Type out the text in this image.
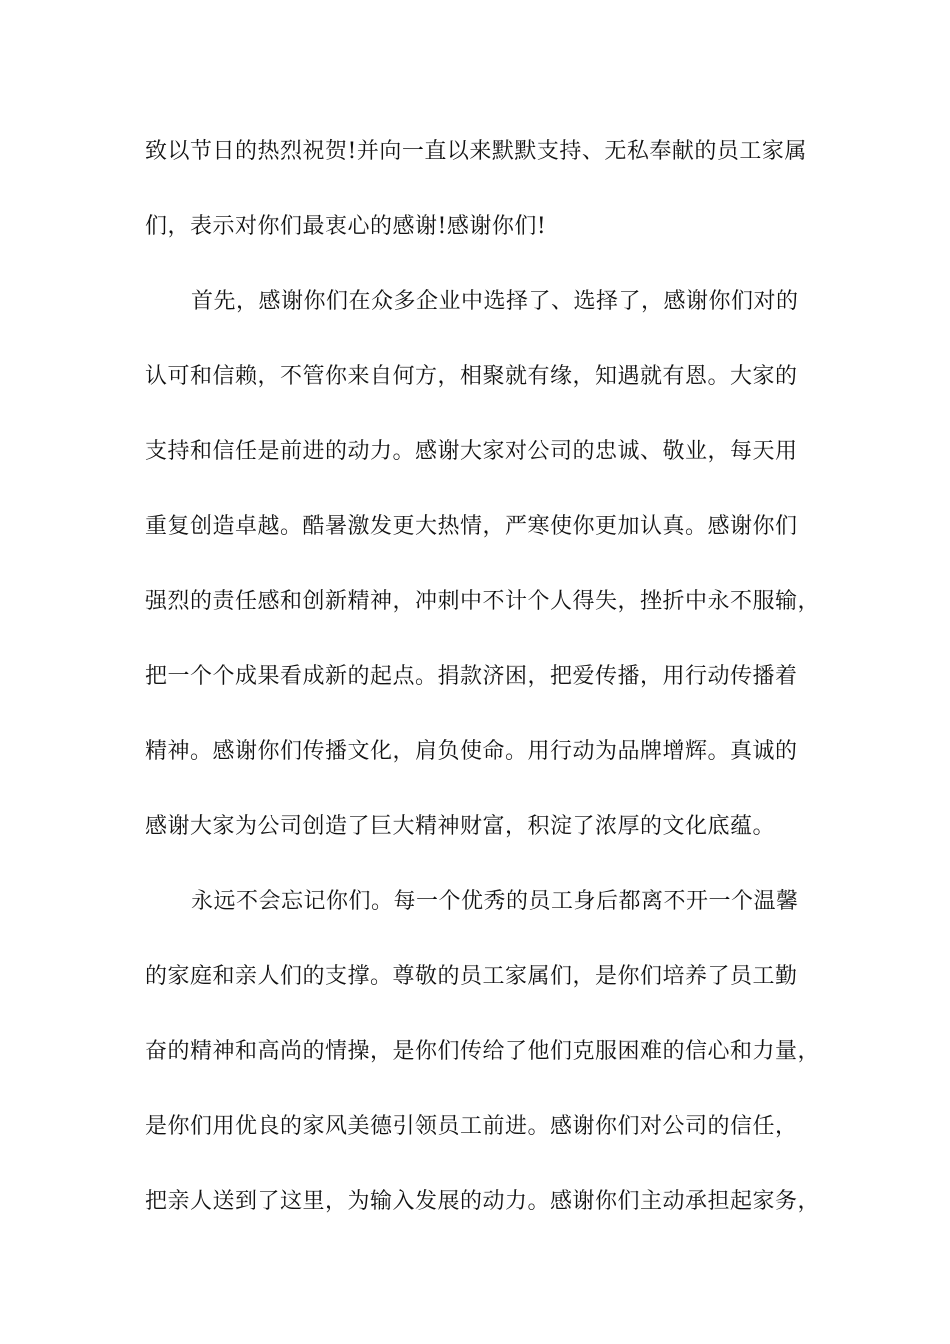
致以节日的热烈祝贺!并向一直以来默默支持、无私奉献的员工家属
们，表示对你们最衷心的感谢!感谢你们!
首先，感谢你们在众多企业中选择了、选择了，感谢你们对的
认可和信赖，不管你来自何方，相聚就有缘，知遇就有恩。大家的
支持和信任是前进的动力。感谢大家对公司的忠诚、敬业，每天用
重复创造卓越。酷暑激发更大热情，严寒使你更加认真。感谢你们
强烈的责任感和创新精神，冲刺中不计个人得失，挫折中永不服输，
把一个个成果看成新的起点。捐款济困，把爱传播，用行动传播着
精神。感谢你们传播文化，肩负使命。用行动为品牌增辉。真诚的
感谢大家为公司创造了巨大精神财富，积淀了浓厚的文化底蕴。
永远不会忘记你们。每一个优秀的员工身后都离不开一个温馨
的家庭和亲人们的支撑。尊敬的员工家属们，是你们培养了员工勤
奋的精神和高尚的情操，是你们传给了他们克服困难的信心和力量，
是你们用优良的家风美德引领员工前进。感谢你们对公司的信任，
把亲人送到了这里，为输入发展的动力。感谢你们主动承担起家务，
